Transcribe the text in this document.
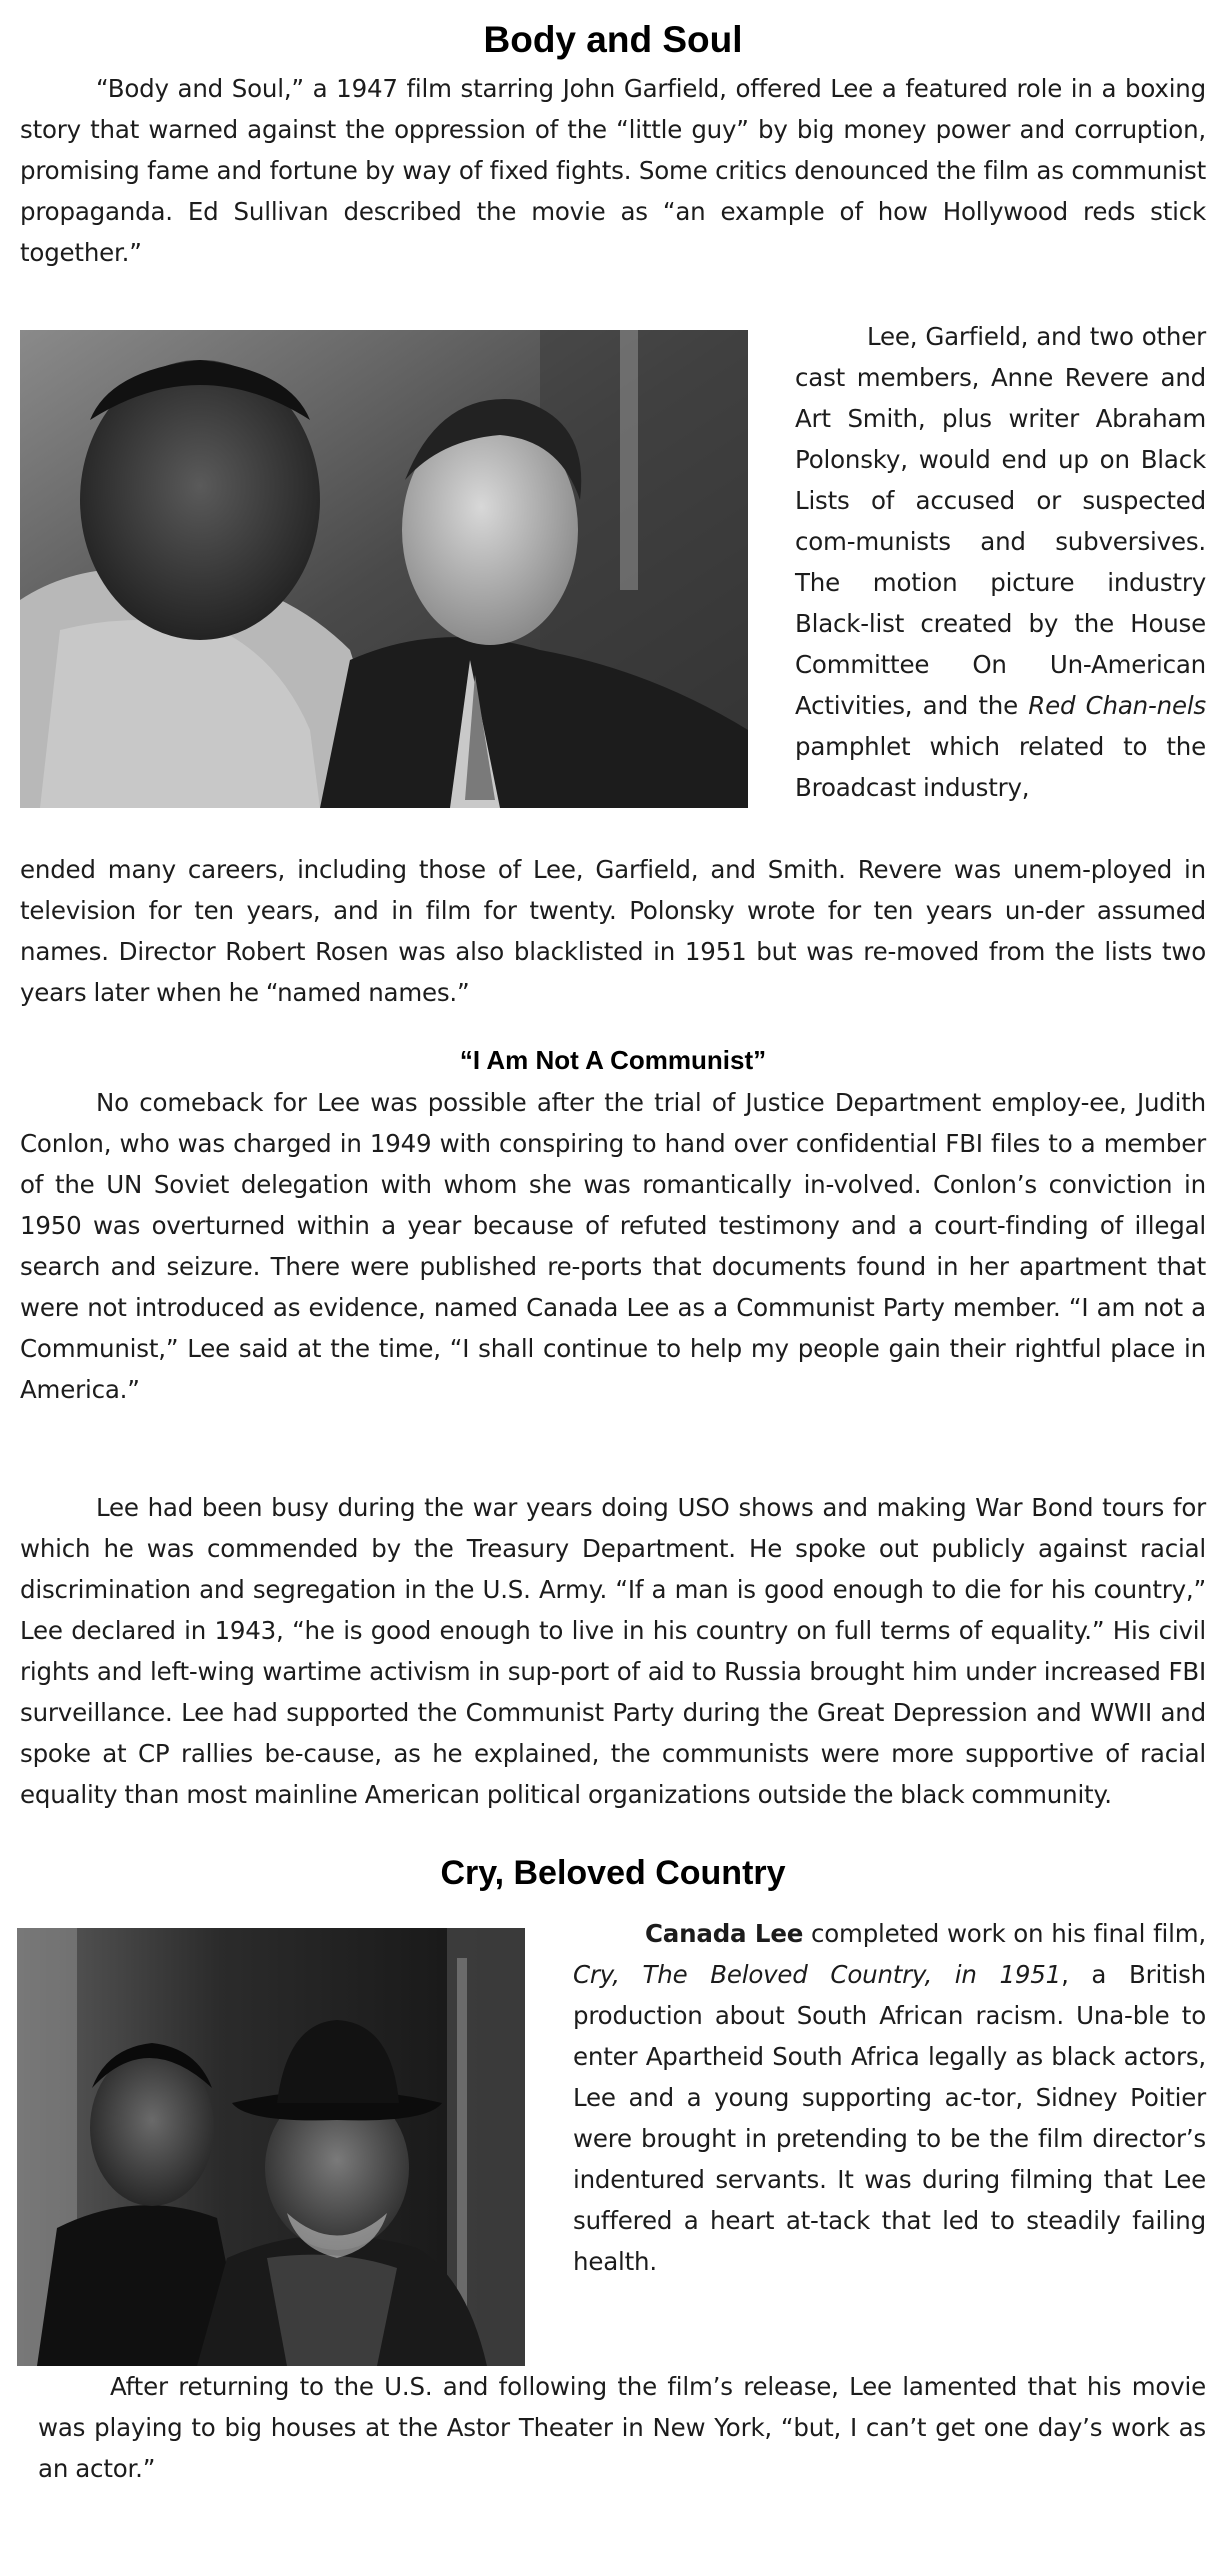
Body and Soul

“Body and Soul,” a 1947 film starring John Garfield, offered Lee a featured role in a boxing story that warned against the oppression of the “little guy” by big money power and corruption, promising fame and fortune by way of fixed fights. Some critics denounced the film as communist propaganda. Ed Sullivan described the movie as “an example of how Hollywood reds stick together.”

Lee, Garfield, and two other cast members, Anne Revere and Art Smith, plus writer Abraham Polonsky, would end up on Black Lists of accused or suspected com-munists and subversives. The motion picture industry Black-list created by the House Committee On Un-American Activities, and the Red Chan-nels pamphlet which related to the Broadcast industry,

ended many careers, including those of Lee, Garfield, and Smith. Revere was unem-ployed in television for ten years, and in film for twenty. Polonsky wrote for ten years un-der assumed names. Director Robert Rosen was also blacklisted in 1951 but was re-moved from the lists two years later when he “named names.”

“I Am Not A Communist”

No comeback for Lee was possible after the trial of Justice Department employ-ee, Judith Conlon, who was charged in 1949 with conspiring to hand over confidential FBI files to a member of the UN Soviet delegation with whom she was romantically in-volved. Conlon’s conviction in 1950 was overturned within a year because of refuted testimony and a court-finding of illegal search and seizure. There were published re-ports that documents found in her apartment that were not introduced as evidence, named Canada Lee as a Communist Party member. “I am not a Communist,” Lee said at the time, “I shall continue to help my people gain their rightful place in America.”

Lee had been busy during the war years doing USO shows and making War Bond tours for which he was commended by the Treasury Department. He spoke out publicly against racial discrimination and segregation in the U.S. Army. “If a man is good enough to die for his country,” Lee declared in 1943, “he is good enough to live in his country on full terms of equality.” His civil rights and left-wing wartime activism in sup-port of aid to Russia brought him under increased FBI surveillance. Lee had supported the Communist Party during the Great Depression and WWII and spoke at CP rallies be-cause, as he explained, the communists were more supportive of racial equality than most mainline American political organizations outside the black community.

Cry, Beloved Country

Canada Lee completed work on his final film, Cry, The Beloved Country, in 1951, a British production about South African racism. Una-ble to enter Apartheid South Africa legally as black actors, Lee and a young supporting ac-tor, Sidney Poitier were brought in pretending to be the film director’s indentured servants. It was during filming that Lee suffered a heart at-tack that led to steadily failing health.

After returning to the U.S. and following the film’s release, Lee lamented that his movie was playing to big houses at the Astor Theater in New York, “but, I can’t get one day’s work as an actor.”
